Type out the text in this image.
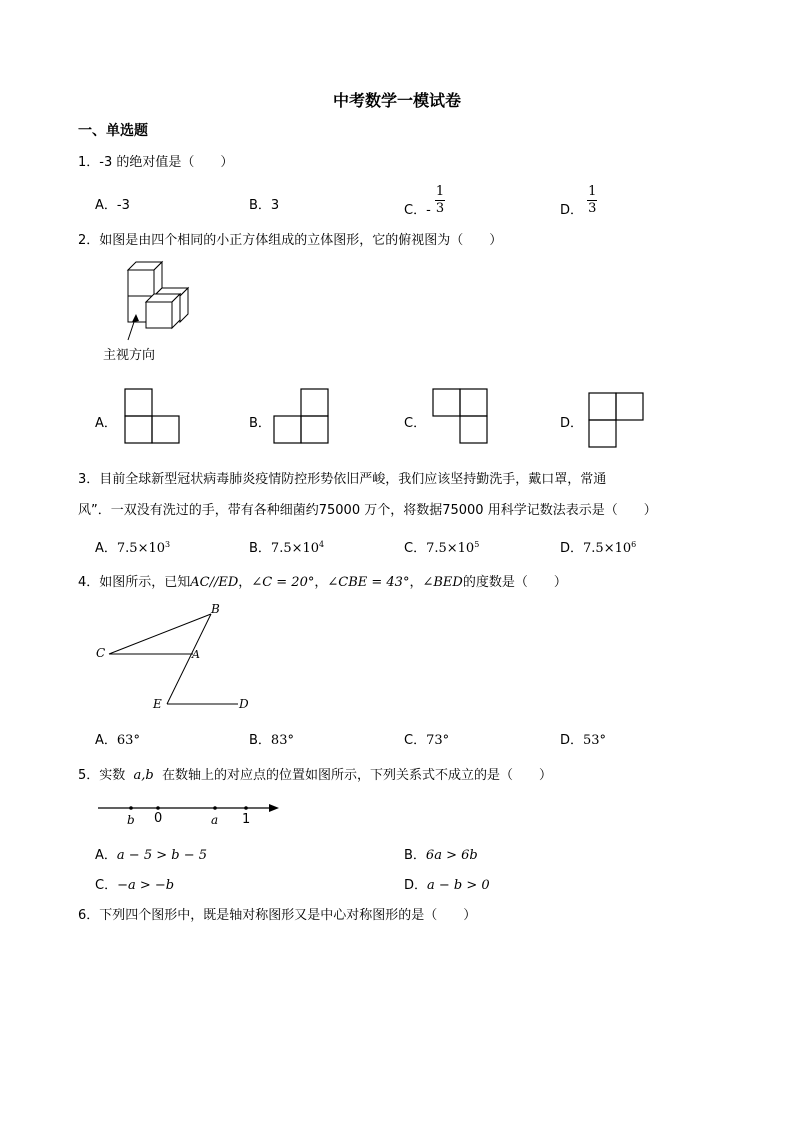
中考数学一模试卷
一、单选题
1．-3 的绝对值是（　　）
A．-3	B．3	C．- $\frac{1}{3}$	D． $\frac{1}{3}$
2．如图是由四个相同的小正方体组成的立体图形，它的俯视图为（　　）
主视方向
A．	B．	C．	D．
3．目前全球新型冠状病毒肺炎疫情防控形势依旧严峻，我们应该坚持勤洗手，戴口罩，常通
风”．一双没有洗过的手，带有各种细菌约75000 万个，将数据75000 用科学记数法表示是（　　）
A．$7.5\times 10^3$	B．$7.5\times 10^4$	C．$7.5\times 10^5$	D．$7.5\times 10^6$
4．如图所示，已知AC//ED，∠C = 20°，∠CBE = 43°，∠BED的度数是（　　）
B
C	A
E	D
A．63°	B．83°	C．73°	D．53°
5．实数 a,b 在数轴上的对应点的位置如图所示，下列关系式不成立的是（　　）
b 0	a 1
A．a − 5 > b − 5	B．6a > 6b
C．−a > −b	D．a − b > 0
6．下列四个图形中，既是轴对称图形又是中心对称图形的是（　　）
